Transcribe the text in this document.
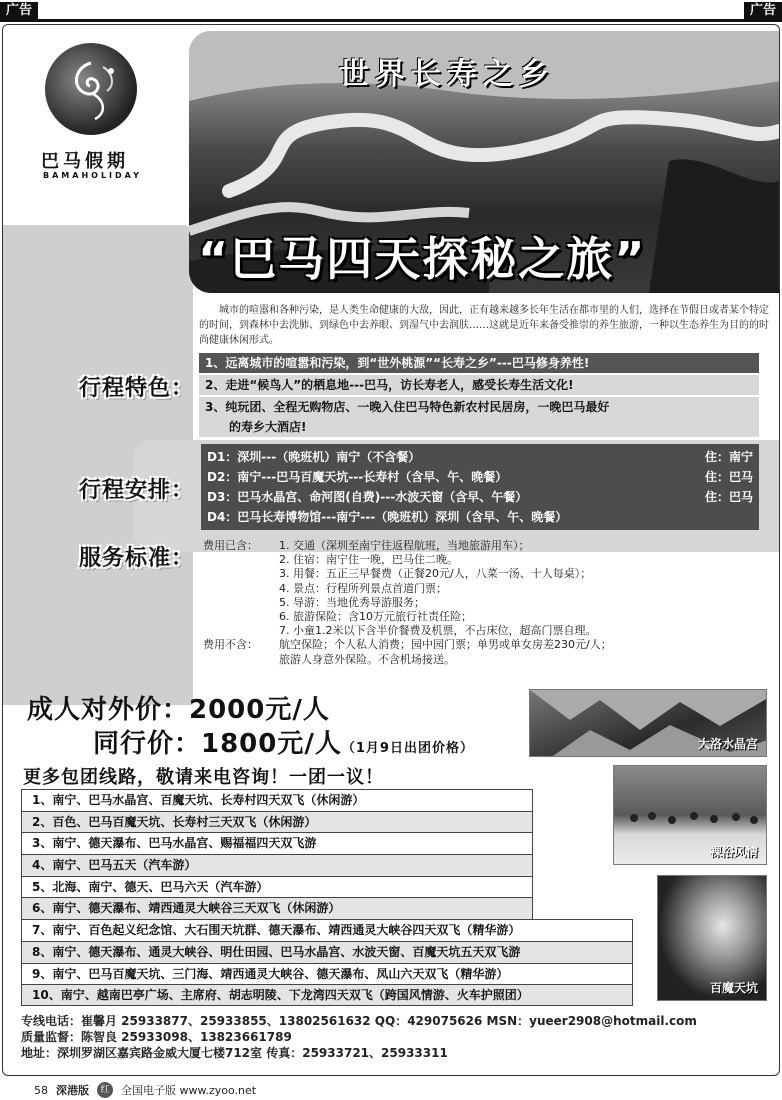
广告	广告
巴马假期
BAMAHOLIDAY
世界长寿之乡
“巴马四天探秘之旅”

城市的喧嚣和各种污染，是人类生命健康的大敌，因此，正有越来越多长年生活在都市里的人们，选择在节假日或者某个特定的时间，到森林中去洗肺、到绿色中去养眼、到湿气中去润肤……这就是近年来备受推崇的养生旅游，一种以生态养生为目的的时尚健康休闲形式。

行程特色：
1、远离城市的喧嚣和污染，到“世外桃源”“长寿之乡”---巴马修身养性!
2、走进“候鸟人”的栖息地---巴马，访长寿老人，感受长寿生活文化!
3、纯玩团、全程无购物店、一晚入住巴马特色新农村民居房，一晚巴马最好
的寿乡大酒店!
行程安排：
D1：深圳---（晚班机）南宁（不含餐）	住：南宁
D2：南宁---巴马百魔天坑---长寿村（含早、午、晚餐）	住：巴马
D3：巴马水晶宫、命河图(自费)---水波天窗（含早、午餐）	住：巴马
D4：巴马长寿博物馆---南宁---（晚班机）深圳（含早、午、晚餐）
服务标准：
费用已含：	1. 交通（深圳至南宁往返程航班，当地旅游用车）；
2. 住宿：南宁住一晚，巴马住二晚。
3. 用餐：五正三早餐费（正餐20元/人，八菜一汤、十人每桌）；
4. 景点：行程所列景点首道门票；
5. 导游：当地优秀导游服务；
6. 旅游保险：含10万元旅行社责任险；
7. 小童1.2米以下含半价餐费及机票，不占床位，超高门票自理。
费用不含：	航空保险；个人私人消费；园中园门票；单男或单女房差230元/人；
旅游人身意外保险。不含机场接送。
成人对外价：2000元/人
同行价：1800元/人（1月9日出团价格）
更多包团线路，敬请来电咨询！一团一议！
1、南宁、巴马水晶宫、百魔天坑、长寿村四天双飞（休闲游）
2、百色、巴马百魔天坑、长寿村三天双飞（休闲游）
3、南宁、德天瀑布、巴马水晶宫、赐福福四天双飞游
4、南宁、巴马五天（汽车游）
5、北海、南宁、德天、巴马六天（汽车游）
6、南宁、德天瀑布、靖西通灵大峡谷三天双飞（休闲游）
7、南宁、百色起义纪念馆、大石围天坑群、德天瀑布、靖西通灵大峡谷四天双飞（精华游）
8、南宁、德天瀑布、通灵大峡谷、明仕田园、巴马水晶宫、水波天窗、百魔天坑五天双飞游
9、南宁、巴马百魔天坑、三门海、靖西通灵大峡谷、德天瀑布、凤山六天双飞（精华游）
10、南宁、越南巴亭广场、主席府、胡志明陵、下龙湾四天双飞（跨国风情游、火车护照团）
大洛水晶宫
裸浴风情
百魔天坑
专线电话：崔馨月 25933877、25933855、13802561632 QQ：429075626 MSN：yueer2908@hotmail.com
质量监督：陈智良 25933098、13823661789
地址：深圳罗湖区嘉宾路金威大厦七楼712室 传真：25933721、25933311
58 深港版	红	全国电子版 www.zyoo.net
